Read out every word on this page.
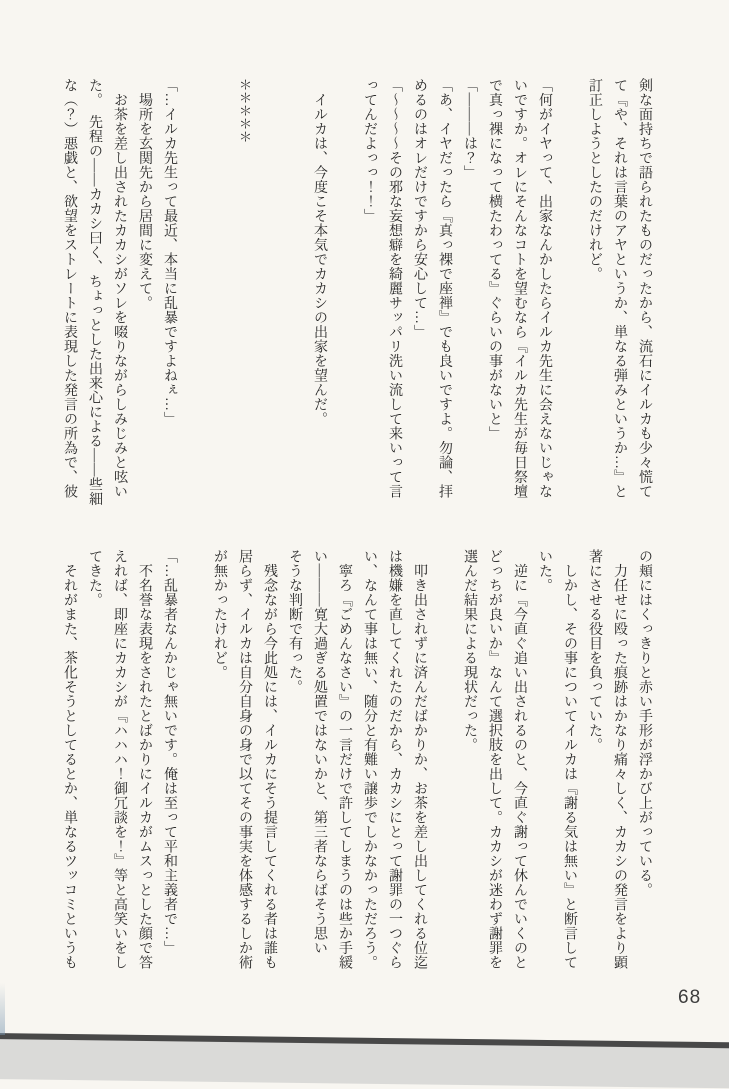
剣な面持ちで語られたものだったから、流石にイルカも少々慌て

て『や、それは言葉のアヤというか、単なる弾みというか…』と

訂正しようとしたのだけれど。

「何がイヤって、出家なんかしたらイルカ先生に会えないじゃな

いですか。オレにそんなコトを望むなら『イルカ先生が毎日祭壇

で真っ裸になって横たわってる』ぐらいの事がないと」

「―――は？」

「あ、イヤだったら『真っ裸で座禅』でも良いですよ。勿論、拝

めるのはオレだけですから安心して…」

「～～～～その邪な妄想癖を綺麗サッパリ洗い流して来いって言

ってんだよっっ！！」

　イルカは、今度こそ本気でカカシの出家を望んだ。

＊＊＊＊＊

「…イルカ先生って最近、本当に乱暴ですよねぇ…」

　場所を玄関先から居間に変えて。

　お茶を差し出されたカカシがソレを啜りながらしみじみと呟い

た。　先程の――カカシ曰く、ちょっとした出来心による――些細

な（？）悪戯と、欲望をストレートに表現した発言の所為で、彼

の頬にはくっきりと赤い手形が浮かび上がっている。

　力任せに殴った痕跡はかなり痛々しく、カカシの発言をより顕

著にさせる役目を負っていた。

　しかし、その事についてイルカは『謝る気は無い』と断言して

いた。

　逆に『今直ぐ追い出されるのと、今直ぐ謝って休んでいくのと

どっちが良いか』なんて選択肢を出して。カカシが迷わず謝罪を

選んだ結果による現状だった。

　叩き出されずに済んだばかりか、お茶を差し出してくれる位迄

は機嫌を直してくれたのだから、カカシにとって謝罪の一つぐら

い、なんて事は無い、随分と有難い譲歩でしかなかっただろう。

　寧ろ『ごめんなさい』の一言だけで許してしまうのは些か手緩

い―――寛大過ぎる処置ではないかと、第三者ならばそう思い

そうな判断で有った。

　残念ながら今此処には、イルカにそう提言してくれる者は誰も

居らず、イルカは自分自身の身で以てその事実を体感するしか術

が無かったけれど。

「…乱暴者なんかじゃ無いです。俺は至って平和主義者で…」

　不名誉な表現をされたとばかりにイルカがムスっとした顔で答

えれば、即座にカカシが『ハハハ！御冗談を！』等と高笑いをし

てきた。

　それがまた、茶化そうとしてるとか、単なるツッコミというも

68
